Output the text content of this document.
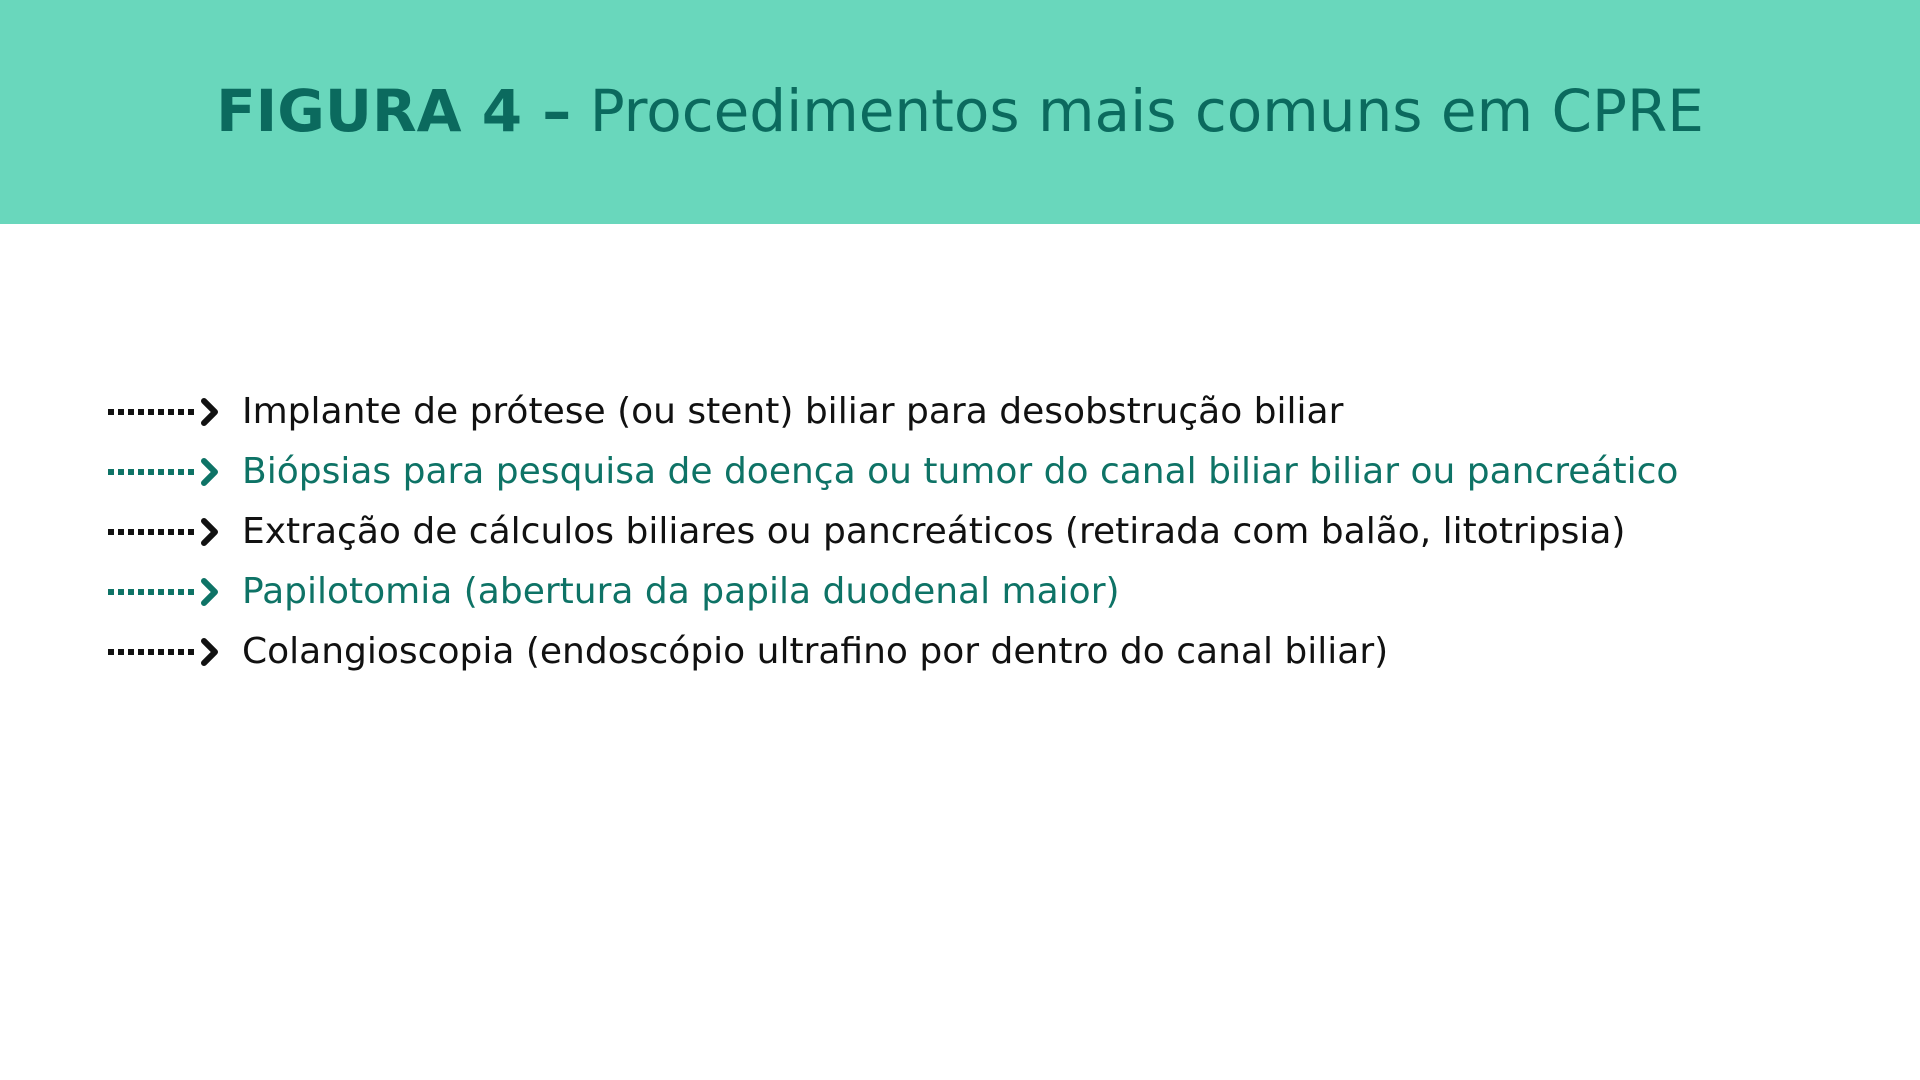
FIGURA 4 – Procedimentos mais comuns em CPRE
Implante de prótese (ou stent) biliar para desobstrução biliar
Biópsias para pesquisa de doença ou tumor do canal biliar biliar ou pancreático
Extração de cálculos biliares ou pancreáticos (retirada com balão, litotripsia)
Papilotomia (abertura da papila duodenal maior)
Colangioscopia (endoscópio ultrafino por dentro do canal biliar)
